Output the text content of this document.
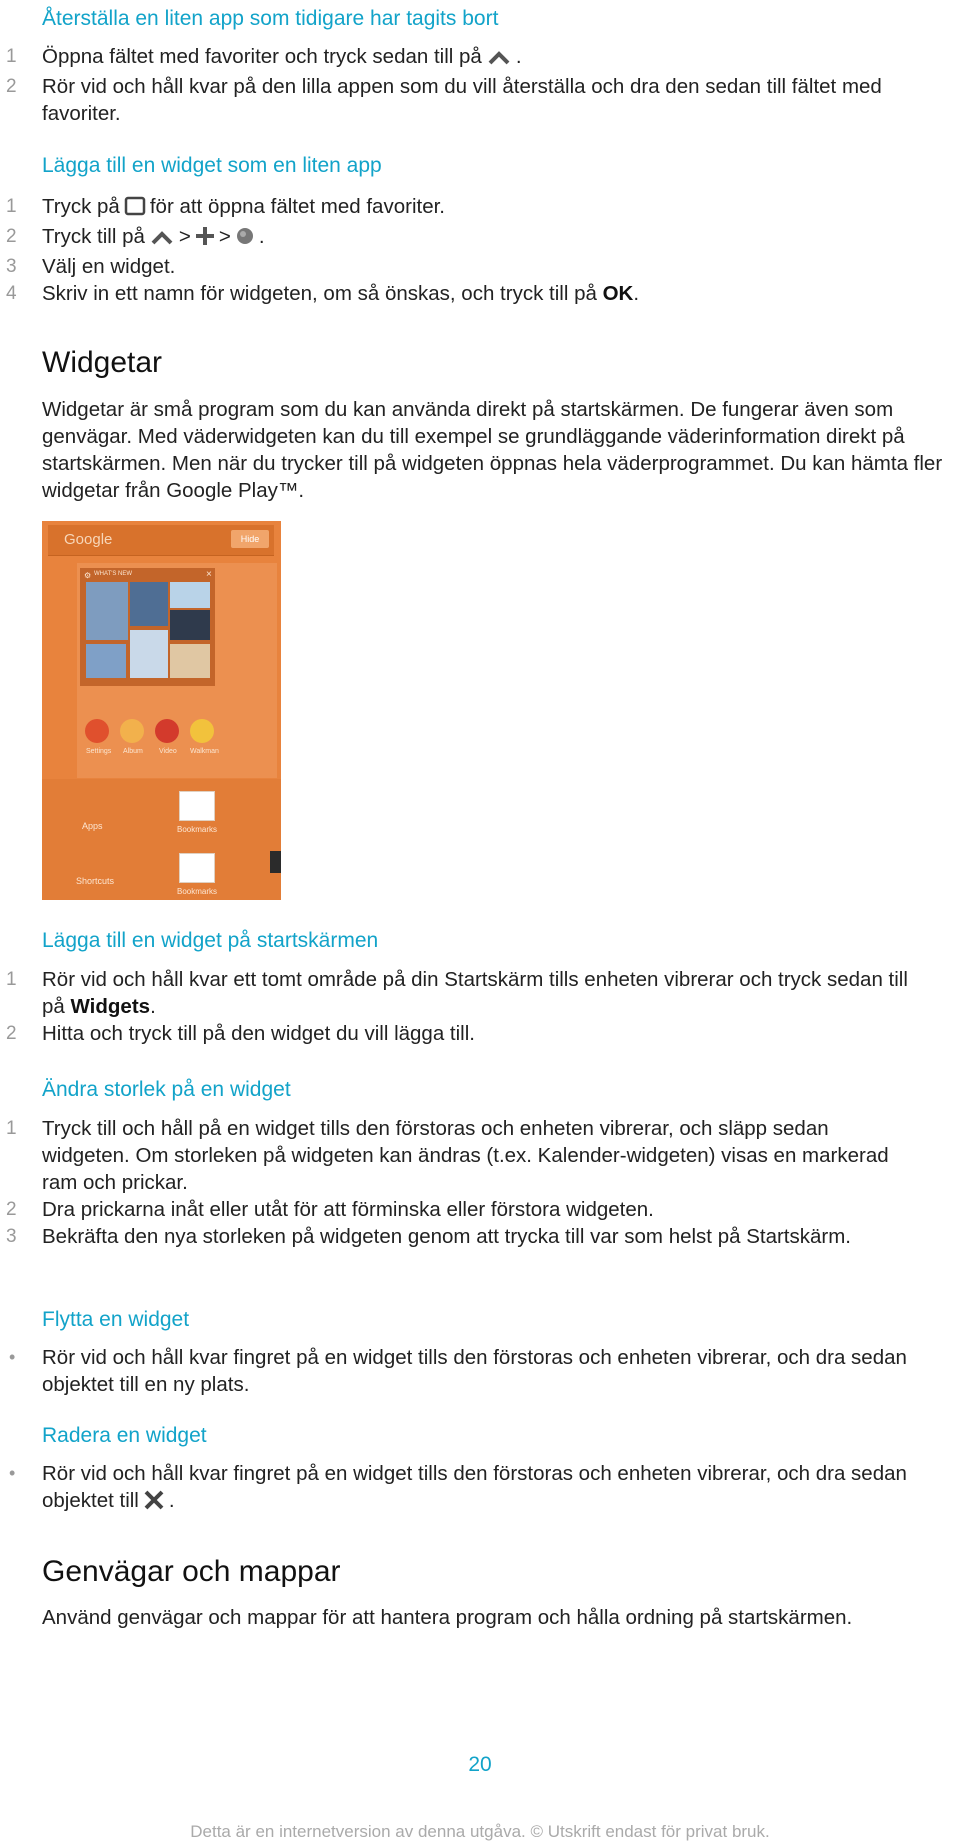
Återställa en liten app som tidigare har tagits bort
1 Öppna fältet med favoriter och tryck sedan till på .
2 Rör vid och håll kvar på den lilla appen som du vill återställa och dra den sedan till fältet med favoriter.
Lägga till en widget som en liten app
1 Tryck på för att öppna fältet med favoriter.
2 Tryck till på > > .
3 Välj en widget.
4 Skriv in ett namn för widgeten, om så önskas, och tryck till på OK.
Widgetar

Widgetar är små program som du kan använda direkt på startskärmen. De fungerar även som genvägar. Med väderwidgeten kan du till exempel se grundläggande väderinformation direkt på startskärmen. Men när du trycker till på widgeten öppnas hela väderprogrammet. Du kan hämta fler widgetar från Google Play™.

Google	Hide
WHAT'S NEW
⚙	×
Settings Album Video Walkman
Apps
Shortcuts
Bookmarks
Bookmarks
Lägga till en widget på startskärmen
1 Rör vid och håll kvar ett tomt område på din Startskärm tills enheten vibrerar och tryck sedan till på Widgets.
2 Hitta och tryck till på den widget du vill lägga till.
Ändra storlek på en widget
1 Tryck till och håll på en widget tills den förstoras och enheten vibrerar, och släpp sedan widgeten. Om storleken på widgeten kan ändras (t.ex. Kalender-widgeten) visas en markerad ram och prickar.
2 Dra prickarna inåt eller utåt för att förminska eller förstora widgeten.
3 Bekräfta den nya storleken på widgeten genom att trycka till var som helst på Startskärm.
Flytta en widget
• Rör vid och håll kvar fingret på en widget tills den förstoras och enheten vibrerar, och dra sedan objektet till en ny plats.
Radera en widget
• Rör vid och håll kvar fingret på en widget tills den förstoras och enheten vibrerar, och dra sedan objektet till .
Genvägar och mappar

Använd genvägar och mappar för att hantera program och hålla ordning på startskärmen.

20
Detta är en internetversion av denna utgåva. © Utskrift endast för privat bruk.
